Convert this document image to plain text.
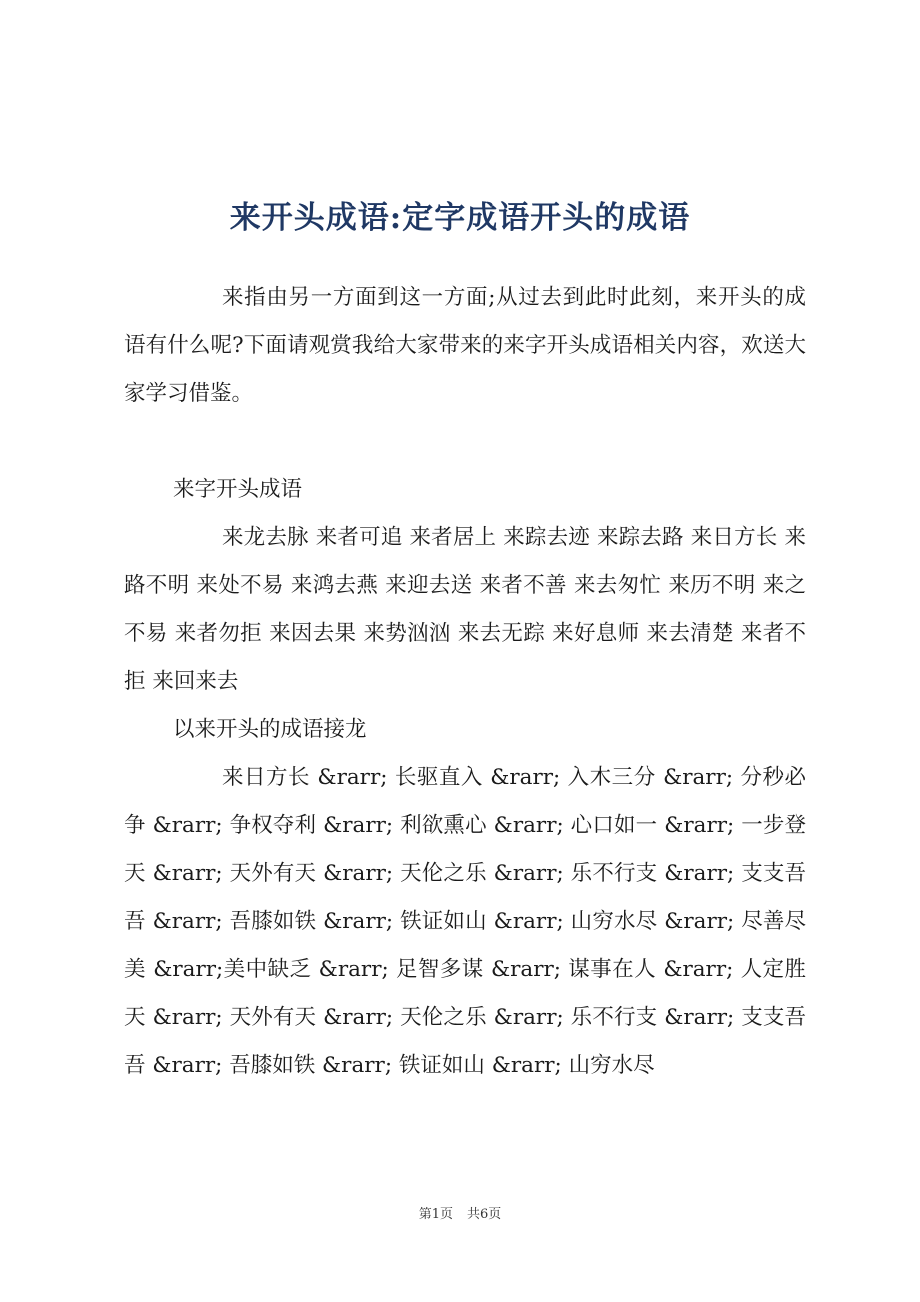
来开头成语:定字成语开头的成语

来指由另一方面到这一方面;从过去到此时此刻，来开头的成语有什么呢?下面请观赏我给大家带来的来字开头成语相关内容，欢送大家学习借鉴。

来字开头成语

来龙去脉 来者可追 来者居上 来踪去迹 来踪去路 来日方长 来路不明 来处不易 来鸿去燕 来迎去送 来者不善 来去匆忙 来历不明 来之不易 来者勿拒 来因去果 来势汹汹 来去无踪 来好息师 来去清楚 来者不拒 来回来去

以来开头的成语接龙

来日方长 &rarr; 长驱直入 &rarr; 入木三分 &rarr; 分秒必争 &rarr; 争权夺利 &rarr; 利欲熏心 &rarr; 心口如一 &rarr; 一步登天 &rarr; 天外有天 &rarr; 天伦之乐 &rarr; 乐不行支 &rarr; 支支吾吾 &rarr; 吾膝如铁 &rarr; 铁证如山 &rarr; 山穷水尽 &rarr; 尽善尽美 &rarr;美中缺乏 &rarr; 足智多谋 &rarr; 谋事在人 &rarr; 人定胜天 &rarr; 天外有天 &rarr; 天伦之乐 &rarr; 乐不行支 &rarr; 支支吾吾 &rarr; 吾膝如铁 &rarr; 铁证如山 &rarr; 山穷水尽

第1页 共6页
